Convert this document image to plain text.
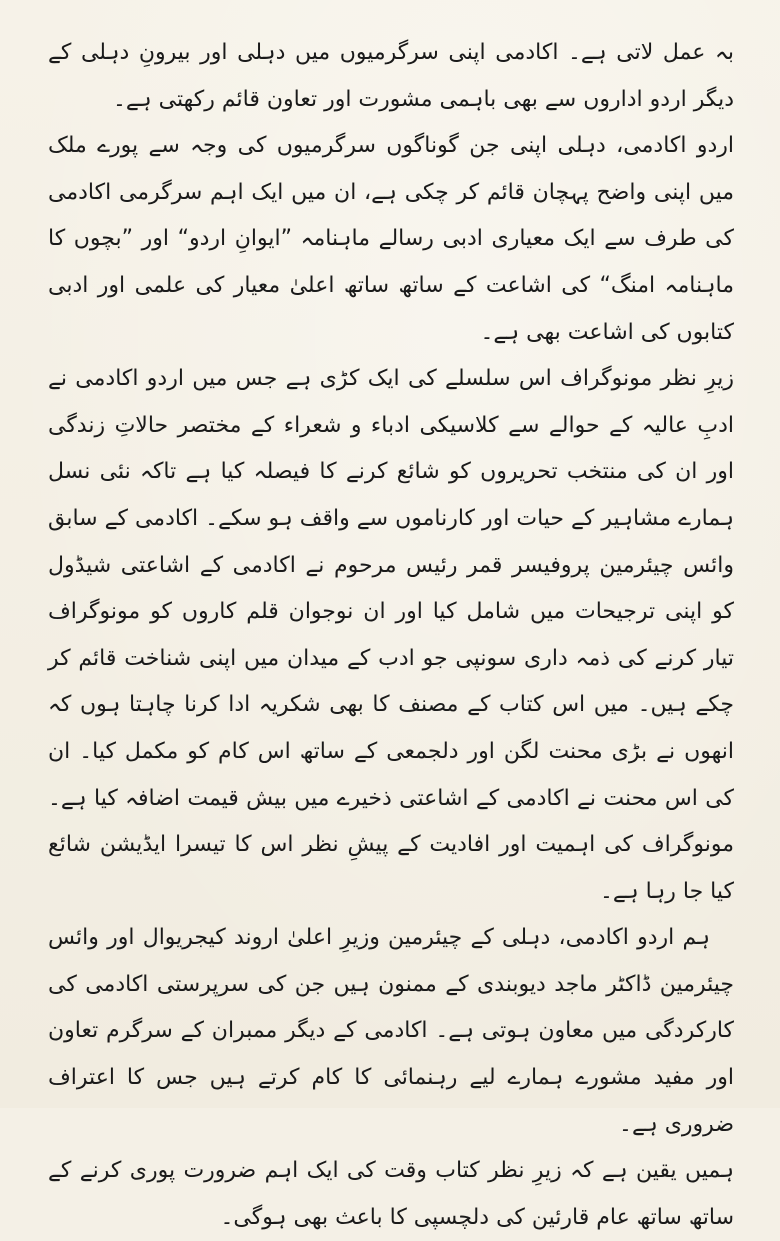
بہ عمل لاتی ہے۔ اکادمی اپنی سرگرمیوں میں دہلی اور بیرونِ دہلی کے دیگر اردو اداروں سے بھی باہمی مشورت اور تعاون قائم رکھتی ہے۔

اردو اکادمی، دہلی اپنی جن گوناگوں سرگرمیوں کی وجہ سے پورے ملک میں اپنی واضح پہچان قائم کر چکی ہے، ان میں ایک اہم سرگرمی اکادمی کی طرف سے ایک معیاری ادبی رسالے ماہنامہ ”ایوانِ اردو“ اور ”بچوں کا ماہنامہ امنگ“ کی اشاعت کے ساتھ ساتھ اعلیٰ معیار کی علمی اور ادبی کتابوں کی اشاعت بھی ہے۔

زیرِ نظر مونوگراف اس سلسلے کی ایک کڑی ہے جس میں اردو اکادمی نے ادبِ عالیہ کے حوالے سے کلاسیکی ادباء و شعراء کے مختصر حالاتِ زندگی اور ان کی منتخب تحریروں کو شائع کرنے کا فیصلہ کیا ہے تاکہ نئی نسل ہمارے مشاہیر کے حیات اور کارناموں سے واقف ہو سکے۔ اکادمی کے سابق وائس چیئرمین پروفیسر قمر رئیس مرحوم نے اکادمی کے اشاعتی شیڈول کو اپنی ترجیحات میں شامل کیا اور ان نوجوان قلم کاروں کو مونوگراف تیار کرنے کی ذمہ داری سونپی جو ادب کے میدان میں اپنی شناخت قائم کر چکے ہیں۔ میں اس کتاب کے مصنف کا بھی شکریہ ادا کرنا چاہتا ہوں کہ انھوں نے بڑی محنت لگن اور دلجمعی کے ساتھ اس کام کو مکمل کیا۔ ان کی اس محنت نے اکادمی کے اشاعتی ذخیرے میں بیش قیمت اضافہ کیا ہے۔ مونوگراف کی اہمیت اور افادیت کے پیشِ نظر اس کا تیسرا ایڈیشن شائع کیا جا رہا ہے۔

ہم اردو اکادمی، دہلی کے چیئرمین وزیرِ اعلیٰ اروند کیجریوال اور وائس چیئرمین ڈاکٹر ماجد دیوبندی کے ممنون ہیں جن کی سرپرستی اکادمی کی کارکردگی میں معاون ہوتی ہے۔ اکادمی کے دیگر ممبران کے سرگرم تعاون اور مفید مشورے ہمارے لیے رہنمائی کا کام کرتے ہیں جس کا اعتراف ضروری ہے۔

ہمیں یقین ہے کہ زیرِ نظر کتاب وقت کی ایک اہم ضرورت پوری کرنے کے ساتھ ساتھ عام قارئین کی دلچسپی کا باعث بھی ہوگی۔
